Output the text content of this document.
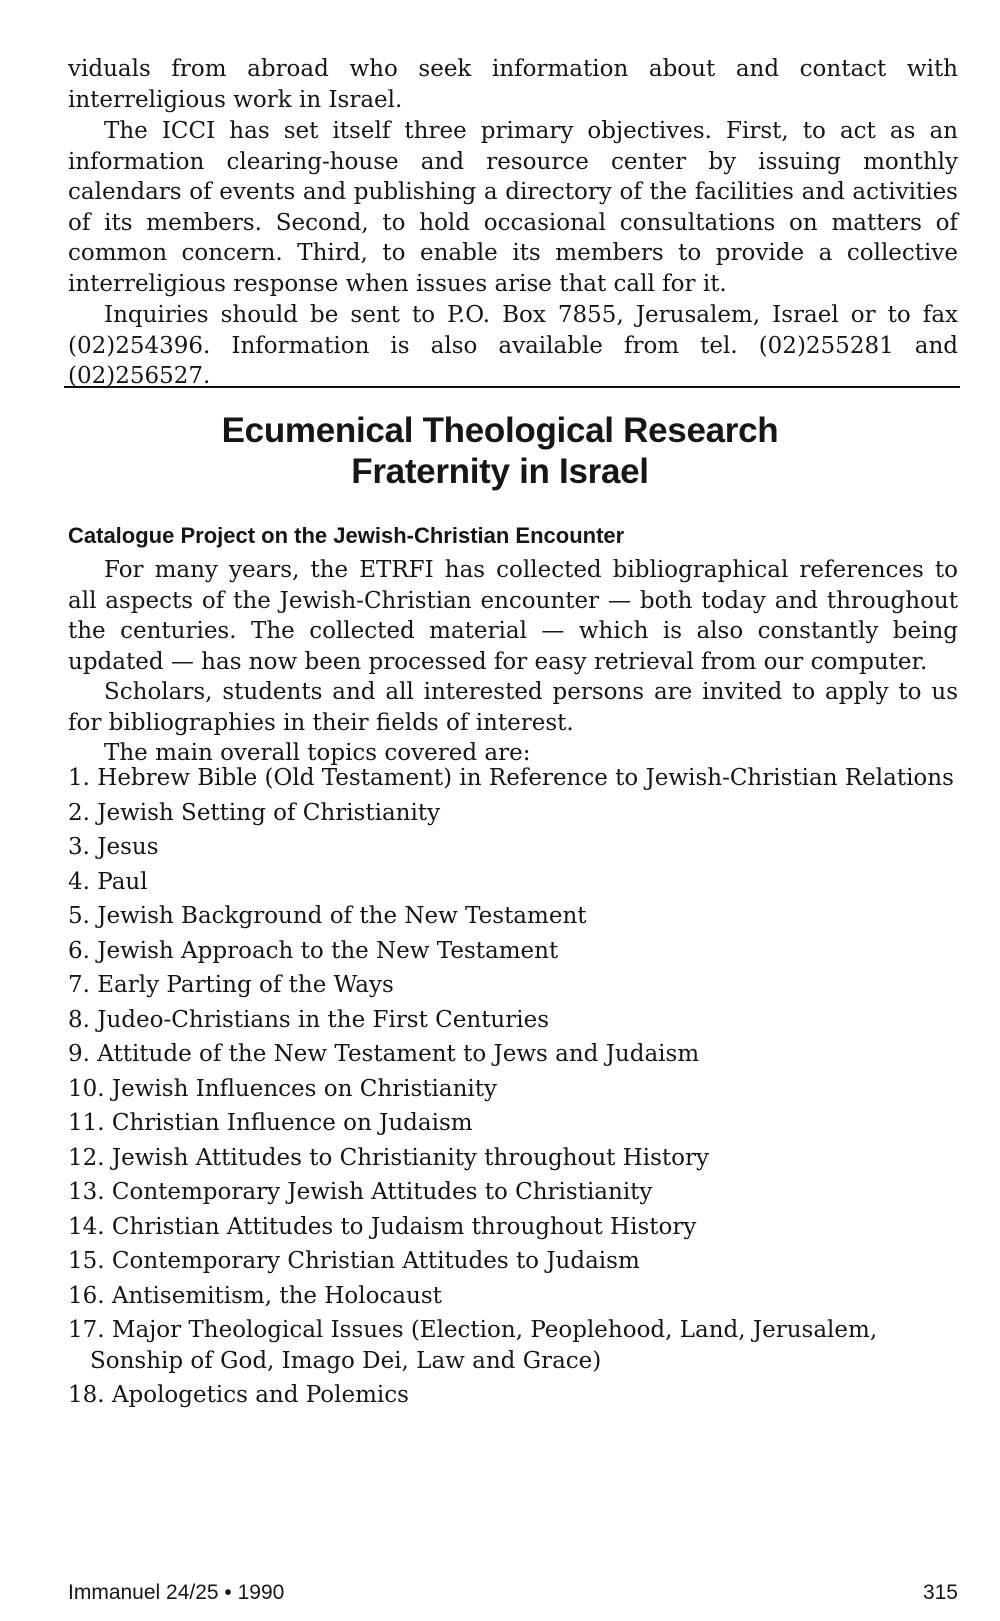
viduals from abroad who seek information about and contact with interreligious work in Israel.

The ICCI has set itself three primary objectives. First, to act as an information clearing-house and resource center by issuing monthly calendars of events and publishing a directory of the facilities and activities of its members. Second, to hold occasional consultations on matters of common concern. Third, to enable its members to provide a collective interreligious response when issues arise that call for it.

Inquiries should be sent to P.O. Box 7855, Jerusalem, Israel or to fax (02)254396. Information is also available from tel. (02)255281 and (02)256527.

Ecumenical Theological Research
Fraternity in Israel
Catalogue Project on the Jewish-Christian Encounter

For many years, the ETRFI has collected bibliographical references to all aspects of the Jewish-Christian encounter — both today and throughout the centuries. The collected material — which is also constantly being updated — has now been processed for easy retrieval from our computer.

Scholars, students and all interested persons are invited to apply to us for bibliographies in their fields of interest.

The main overall topics covered are:

1. Hebrew Bible (Old Testament) in Reference to Jewish-Christian Relations
2. Jewish Setting of Christianity
3. Jesus
4. Paul
5. Jewish Background of the New Testament
6. Jewish Approach to the New Testament
7. Early Parting of the Ways
8. Judeo-Christians in the First Centuries
9. Attitude of the New Testament to Jews and Judaism
10. Jewish Influences on Christianity
11. Christian Influence on Judaism
12. Jewish Attitudes to Christianity throughout History
13. Contemporary Jewish Attitudes to Christianity
14. Christian Attitudes to Judaism throughout History
15. Contemporary Christian Attitudes to Judaism
16. Antisemitism, the Holocaust
17. Major Theological Issues (Election, Peoplehood, Land, Jerusalem, Sonship of God, Imago Dei, Law and Grace)
18. Apologetics and Polemics
Immanuel 24/25 • 1990	315
